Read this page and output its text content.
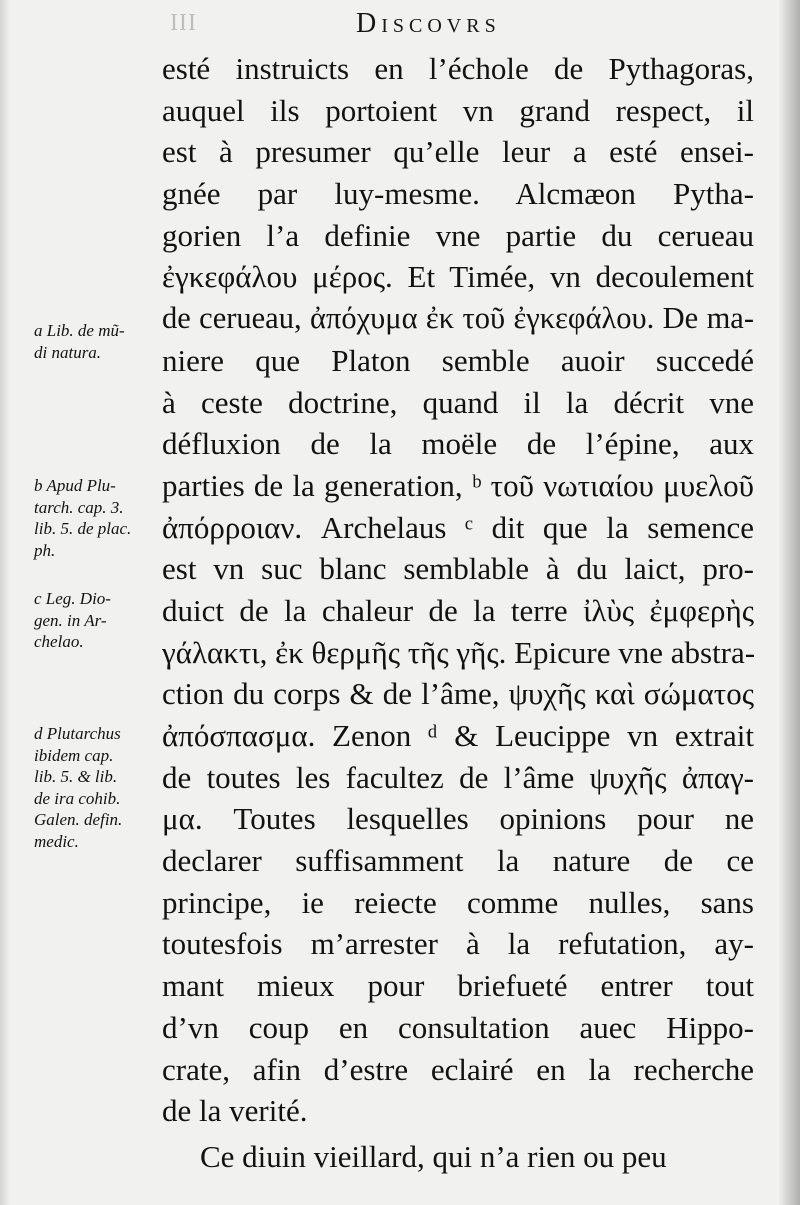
III	Discovrs
esté instruicts en l’échole de Pythagoras,
auquel ils portoient vn grand respect, il
est à presumer qu’elle leur a esté ensei-
gnée par luy-mesme. Alcmæon Pytha-
gorien l’a definie vne partie du cerueau
ἐγκεφάλου μέρος. Et Timée, vn decoulement
de cerueau, ἀπόχυμα ἐκ τοῦ ἐγκεφάλου. De ma-
niere que Platon semble auoir succedé
à ceste doctrine, quand il la décrit vne
défluxion de la moële de l’épine, aux
parties de la generation, ᵇ τοῦ νωτιαίου μυελοῦ
ἀπόρροιαν. Archelaus ᶜ dit que la semence
est vn suc blanc semblable à du laict, pro-
duict de la chaleur de la terre ἰλὺς ἐμφερὴς
γάλακτι, ἐκ θερμῆς τῆς γῆς. Epicure vne abstra-
ction du corps & de l’âme, ψυχῆς καὶ σώματος
ἀπόσπασμα. Zenon ᵈ & Leucippe vn extrait
de toutes les facultez de l’âme ψυχῆς ἀπαγ-
μα. Toutes lesquelles opinions pour ne
declarer suffisamment la nature de ce
principe, ie reiecte comme nulles, sans
toutesfois m’arrester à la refutation, ay-
mant mieux pour briefueté entrer tout
d’vn coup en consultation auec Hippo-
crate, afin d’estre eclairé en la recherche
de la verité.
Ce diuin vieillard, qui n’a rien ou peu
a Lib. de mũ-
di natura.
b Apud Plu-
tarch. cap. 3.
lib. 5. de plac.
ph.
c Leg. Dio-
gen. in Ar-
chelao.
d Plutarchus
ibidem cap.
lib. 5. & lib.
de ira cohib.
Galen. defin.
medic.
